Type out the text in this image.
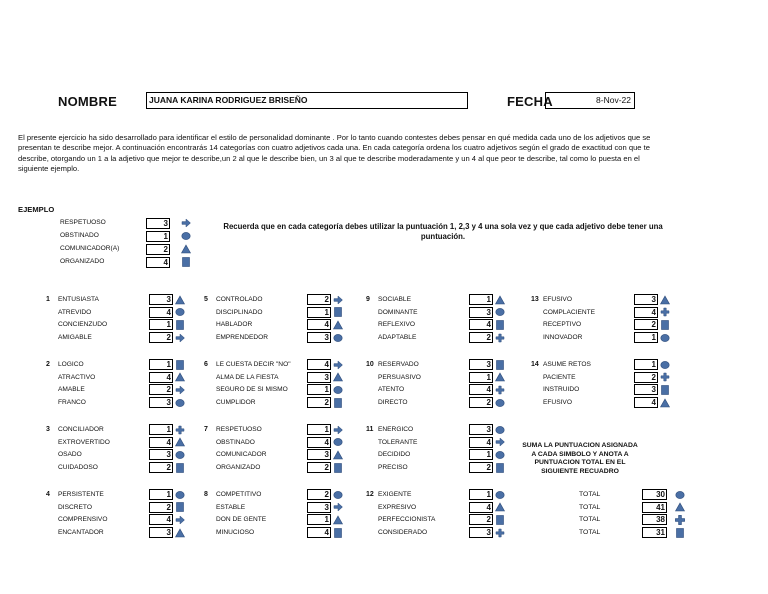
NOMBRE	JUANA KARINA RODRIGUEZ BRISEÑO	FECHA	8-Nov-22
El presente ejercicio ha sido desarrollado para identificar el estilo de personalidad dominante . Por lo tanto cuando contestes debes pensar en qué medida cada uno de los adjetivos que se presentan te describe mejor. A continuación encontrarás 14 categorías con cuatro adjetivos cada una. En cada categoría ordena los cuatro adjetivos según el grado de exactitud con que te describe, otorgando un 1 a la adjetivo que mejor te describe,un 2 al que le describe bien, un 3 al que te describe moderadamente y un 4 al que peor te describe, tal como lo puesta en el siguiente ejemplo.
EJEMPLO
RESPETUOSO	3
OBSTINADO	1
COMUNICADOR(A)	2
ORGANIZADO	4
Recuerda que en cada categoría debes utilizar la puntuación 1, 2,3 y 4 una sola vez y que cada adjetivo debe tener una puntuación.
1 ENTUSIASTA	3
ATREVIDO	4
CONCIENZUDO	1
AMIGABLE	2
2 LOGICO	1
ATRACTIVO	4
AMABLE	2
FRANCO	3
3 CONCILIADOR	1
EXTROVERTIDO	4
OSADO	3
CUIDADOSO	2
4 PERSISTENTE	1
DISCRETO	2
COMPRENSIVO	4
ENCANTADOR	3
5 CONTROLADO	2
DISCIPLINADO	1
HABLADOR	4
EMPRENDEDOR	3
6 LE CUESTA DECIR "NO"	4
ALMA DE LA FIESTA	3
SEGURO DE SI MISMO	1
CUMPLIDOR	2
7 RESPETUOSO	1
OBSTINADO	4
COMUNICADOR	3
ORGANIZADO	2
8 COMPETITIVO	2
ESTABLE	3
DON DE GENTE	1
MINUCIOSO	4
9 SOCIABLE	1
DOMINANTE	3
REFLEXIVO	4
ADAPTABLE	2
10 RESERVADO	3
PERSUASIVO	1
ATENTO	4
DIRECTO	2
11 ENERGICO	3
TOLERANTE	4
DECIDIDO	1
PRECISO	2
12 EXIGENTE	1
EXPRESIVO	4
PERFECCIONISTA	2
CONSIDERADO	3
13 EFUSIVO	3
COMPLACIENTE	4
RECEPTIVO	2
INNOVADOR	1
14 ASUME RETOS	1
PACIENTE	2
INSTRUIDO	3
EFUSIVO	4
SUMA LA PUNTUACION ASIGNADA A CADA SIMBOLO Y ANOTA A PUNTUACION TOTAL EN EL SIGUIENTE RECUADRO
TOTAL	30
TOTAL	41
TOTAL	38
TOTAL	31
